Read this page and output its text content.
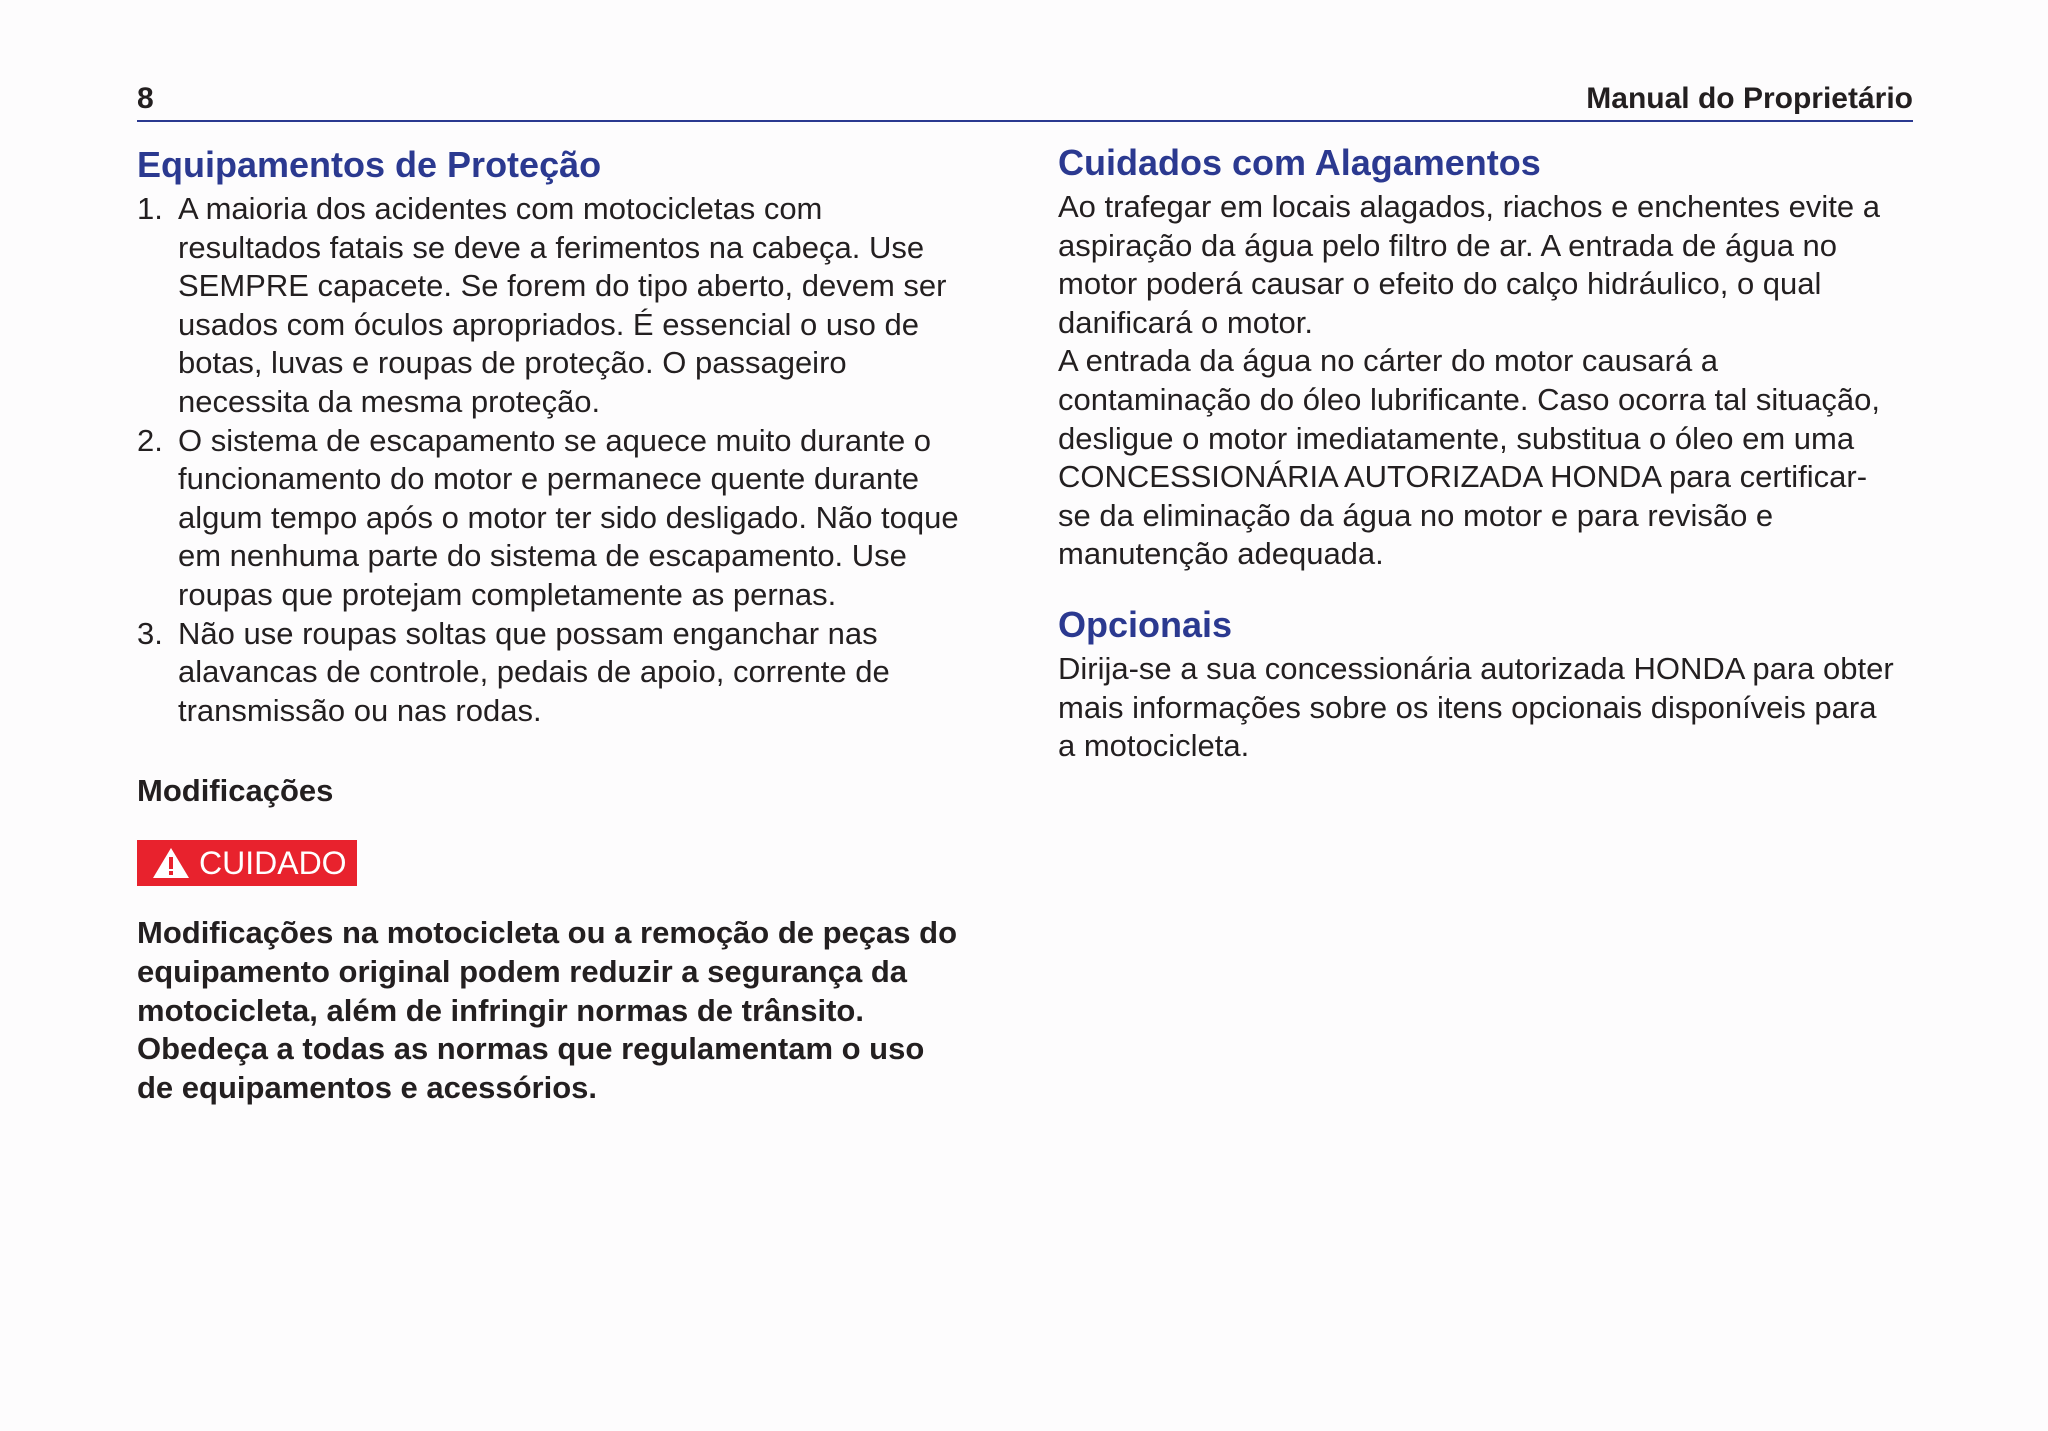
8	Manual do Proprietário
Equipamentos de Proteção
1. A maioria dos acidentes com motocicletas com
resultados fatais se deve a ferimentos na cabeça. Use
SEMPRE capacete. Se forem do tipo aberto, devem ser
usados com óculos apropriados. É essencial o uso de
botas, luvas e roupas de proteção. O passageiro
necessita da mesma proteção.
2. O sistema de escapamento se aquece muito durante o
funcionamento do motor e permanece quente durante
algum tempo após o motor ter sido desligado. Não toque
em nenhuma parte do sistema de escapamento. Use
roupas que protejam completamente as pernas.
3. Não use roupas soltas que possam enganchar nas
alavancas de controle, pedais de apoio, corrente de
transmissão ou nas rodas.
Modificações
CUIDADO

Modificações na motocicleta ou a remoção de peças do
equipamento original podem reduzir a segurança da
motocicleta, além de infringir normas de trânsito.
Obedeça a todas as normas que regulamentam o uso
de equipamentos e acessórios.

Cuidados com Alagamentos

Ao trafegar em locais alagados, riachos e enchentes evite a
aspiração da água pelo filtro de ar. A entrada de água no
motor poderá causar o efeito do calço hidráulico, o qual
danificará o motor.

A entrada da água no cárter do motor causará a
contaminação do óleo lubrificante. Caso ocorra tal situação,
desligue o motor imediatamente, substitua o óleo em uma
CONCESSIONÁRIA AUTORIZADA HONDA para certificar-
se da eliminação da água no motor e para revisão e
manutenção adequada.

Opcionais

Dirija-se a sua concessionária autorizada HONDA para obter
mais informações sobre os itens opcionais disponíveis para
a motocicleta.
